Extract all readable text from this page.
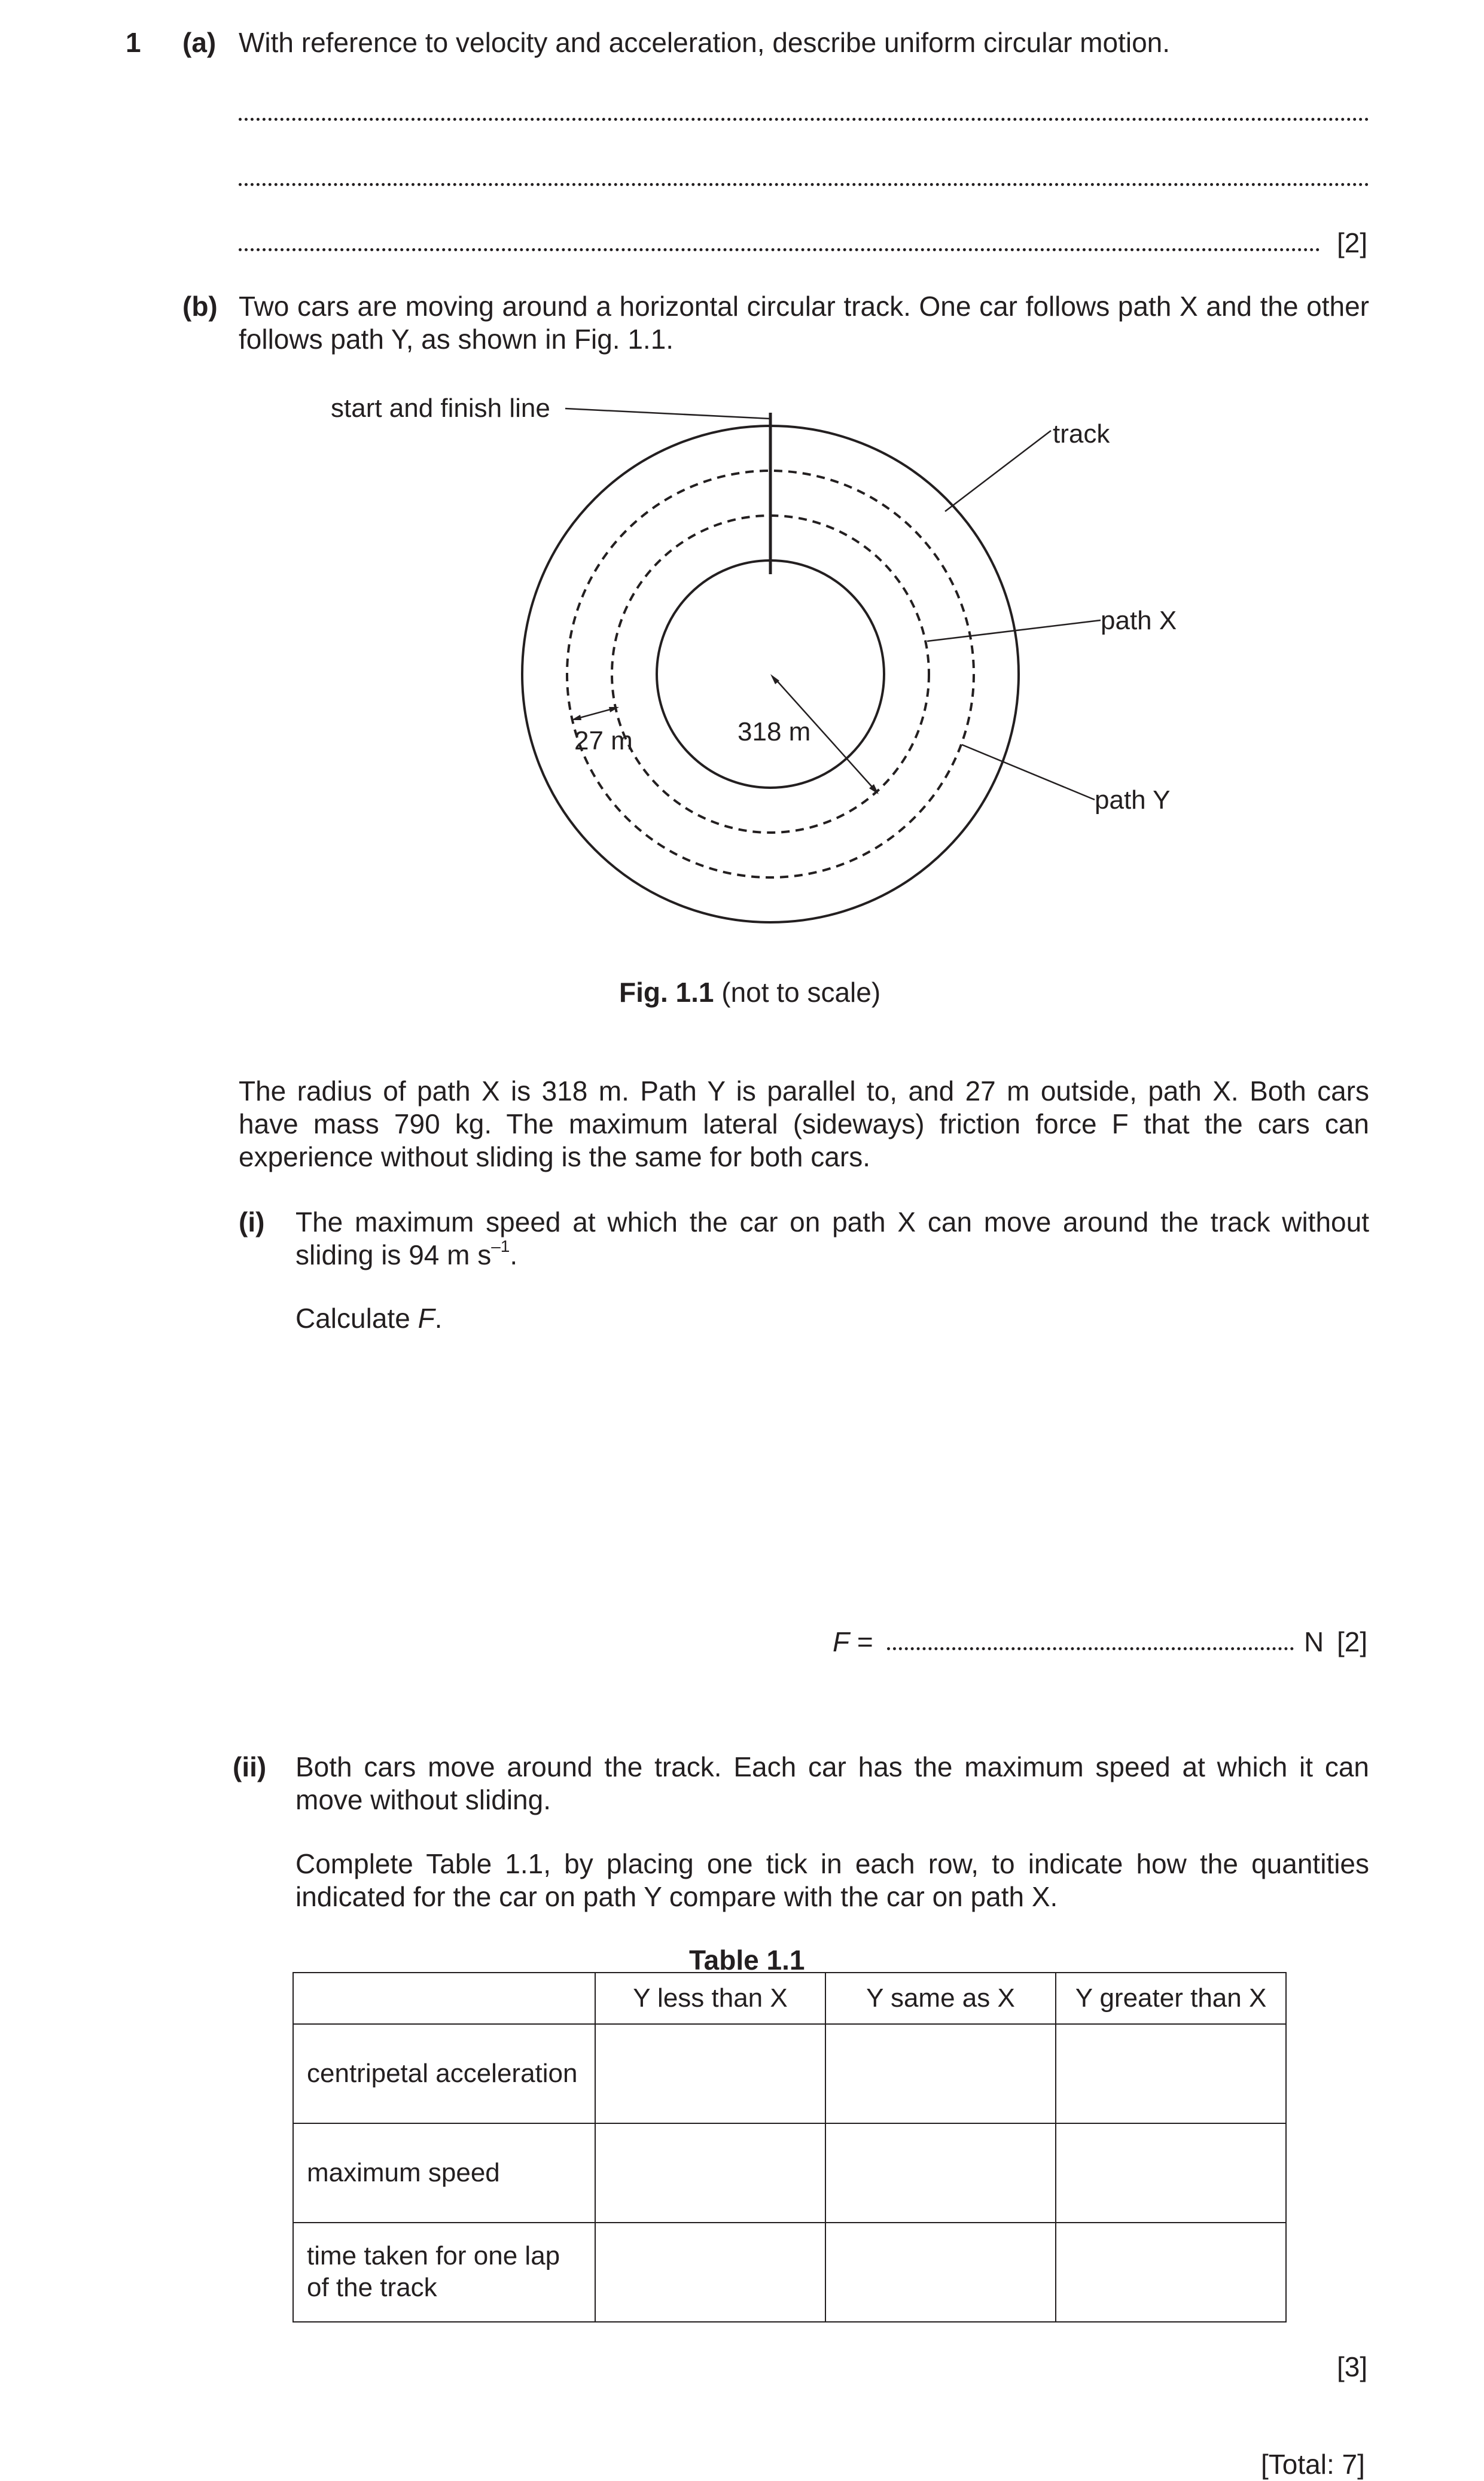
1 (a) With reference to velocity and acceleration, describe uniform circular motion.
[2]
(b) Two cars are moving around a horizontal circular track. One car follows path X and the other follows path Y, as shown in Fig. 1.1.
start and finish line
track
path X
path Y
318 m
27 m
Fig. 1.1 (not to scale)
The radius of path X is 318 m. Path Y is parallel to, and 27 m outside, path X. Both cars have mass 790 kg. The maximum lateral (sideways) friction force F that the cars can experience without sliding is the same for both cars.
(i) The maximum speed at which the car on path X can move around the track without sliding is 94 m $s^{-1}$.
Calculate F.
F =	N [2]
(ii) Both cars move around the track. Each car has the maximum speed at which it can move without sliding.
Complete Table 1.1, by placing one tick in each row, to indicate how the quantities indicated for the car on path Y compare with the car on path X.
Table 1.1
	Y less than X	Y same as X	Y greater than X
centripetal acceleration			
maximum speed			
time taken for one lap of the track			
[3]
[Total: 7]
